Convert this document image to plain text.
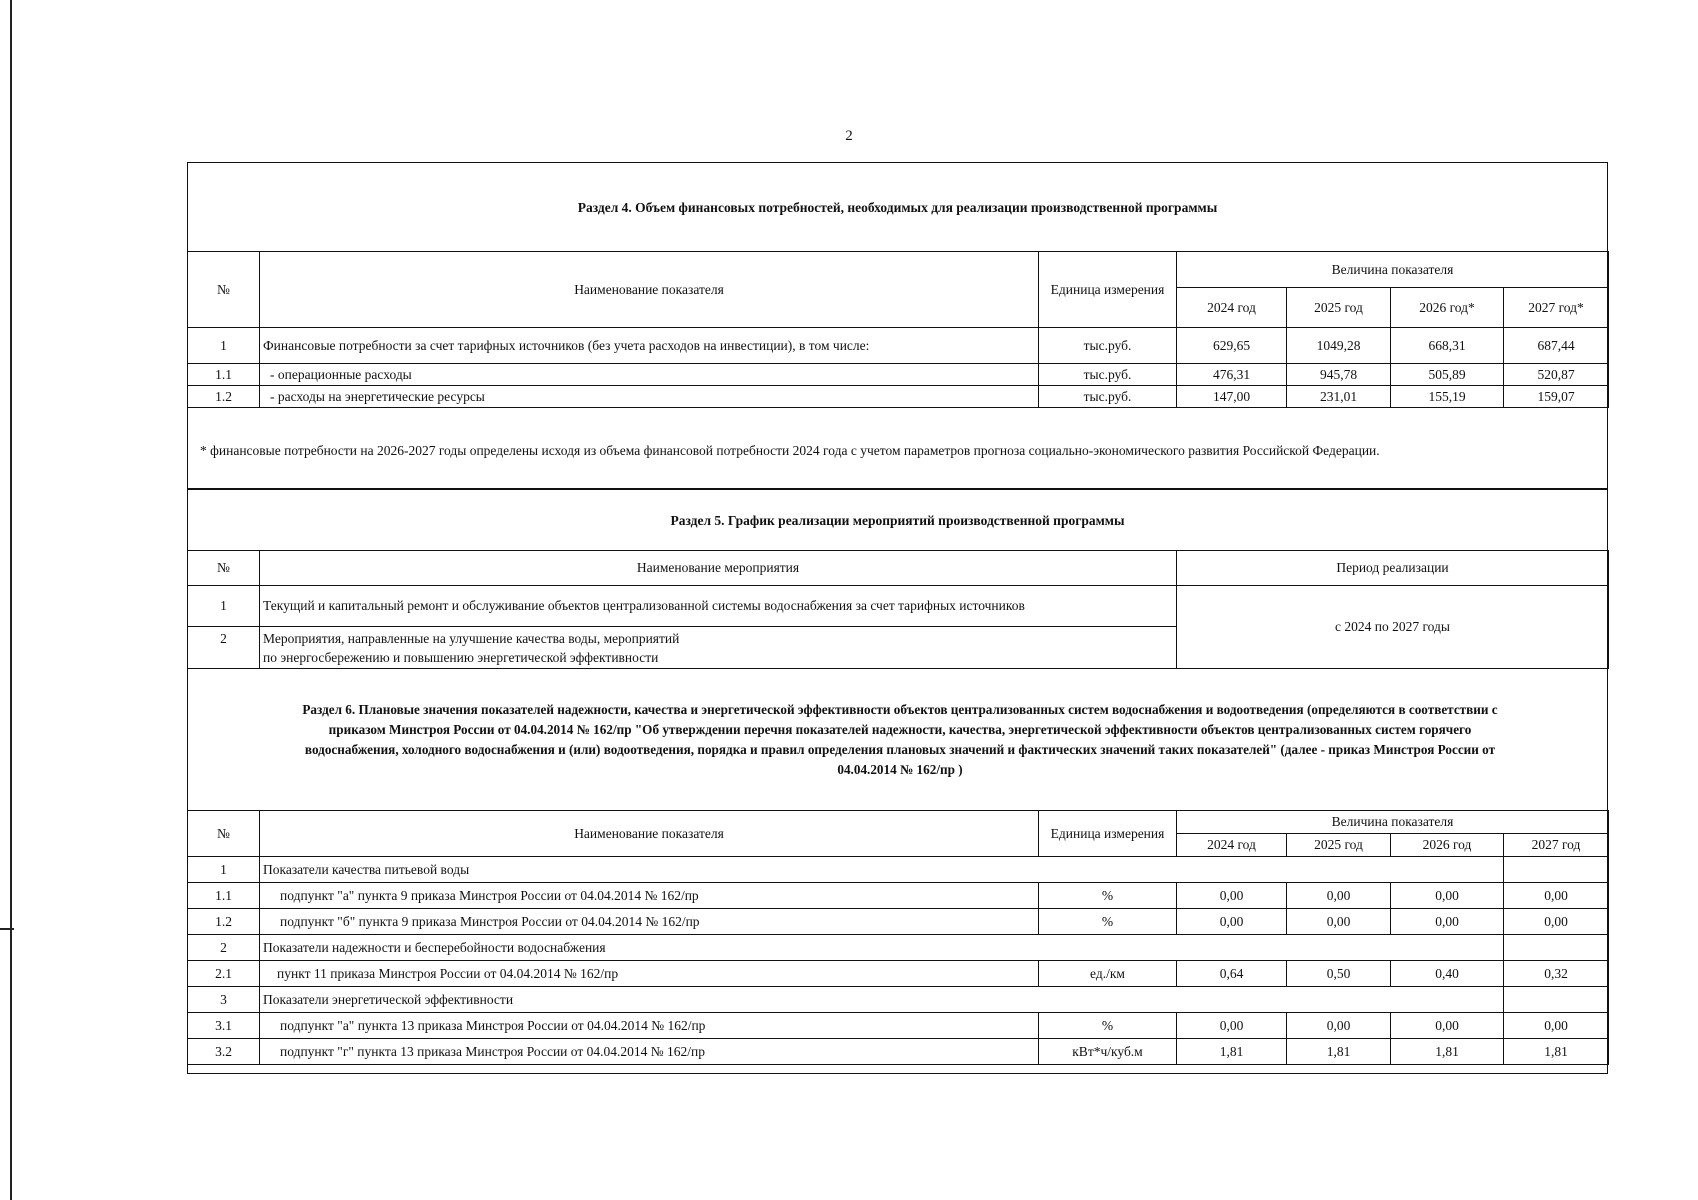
2
Раздел 4. Объем финансовых потребностей, необходимых для реализации производственной программы
№	Наименование показателя	Единица измерения	Величина показателя			
			2024 год	2025 год	2026 год*	2027 год*
1	Финансовые потребности за счет тарифных источников (без учета расходов на инвестиции), в том числе:	тыс.руб.	629,65	1049,28	668,31	687,44
1.1	- операционные расходы	тыс.руб.	476,31	945,78	505,89	520,87
1.2	- расходы на энергетические ресурсы	тыс.руб.	147,00	231,01	155,19	159,07
* финансовые потребности на 2026-2027 годы определены исходя из объема финансовой потребности 2024 года с учетом параметров прогноза социально-экономического развития Российской Федерации.
Раздел 5. График реализации мероприятий производственной программы
№	Наименование мероприятия	Период реализации
1	Текущий и капитальный ремонт и обслуживание объектов централизованной системы водоснабжения за счет тарифных источников	с 2024 по 2027 годы
2	Мероприятия, направленные на улучшение качества воды, мероприятий
по энергосбережению и повышению энергетической эффективности	
Раздел 6. Плановые значения показателей надежности, качества и энергетической эффективности объектов централизованных систем водоснабжения и водоотведения (определяются в соответствии с
приказом Минстроя России от 04.04.2014 № 162/пр "Об утверждении перечня показателей надежности, качества, энергетической эффективности объектов централизованных систем горячего
водоснабжения, холодного водоснабжения и (или) водоотведения, порядка и правил определения плановых значений и фактических значений таких показателей" (далее - приказ Минстроя России от
04.04.2014 № 162/пр )
№	Наименование показателя	Единица измерения	Величина показателя			
			2024 год	2025 год	2026 год	2027 год
1	Показатели качества питьевой воды					
1.1	подпункт "а" пункта 9 приказа Минстроя России от 04.04.2014 № 162/пр	%	0,00	0,00	0,00	0,00
1.2	подпункт "б" пункта 9 приказа Минстроя России от 04.04.2014 № 162/пр	%	0,00	0,00	0,00	0,00
2	Показатели надежности и бесперебойности водоснабжения					
2.1	пункт 11 приказа Минстроя России от 04.04.2014 № 162/пр	ед./км	0,64	0,50	0,40	0,32
3	Показатели энергетической эффективности					
3.1	подпункт "а" пункта 13 приказа Минстроя России от 04.04.2014 № 162/пр	%	0,00	0,00	0,00	0,00
3.2	подпункт "г" пункта 13 приказа Минстроя России от 04.04.2014 № 162/пр	кВт*ч/куб.м	1,81	1,81	1,81	1,81
